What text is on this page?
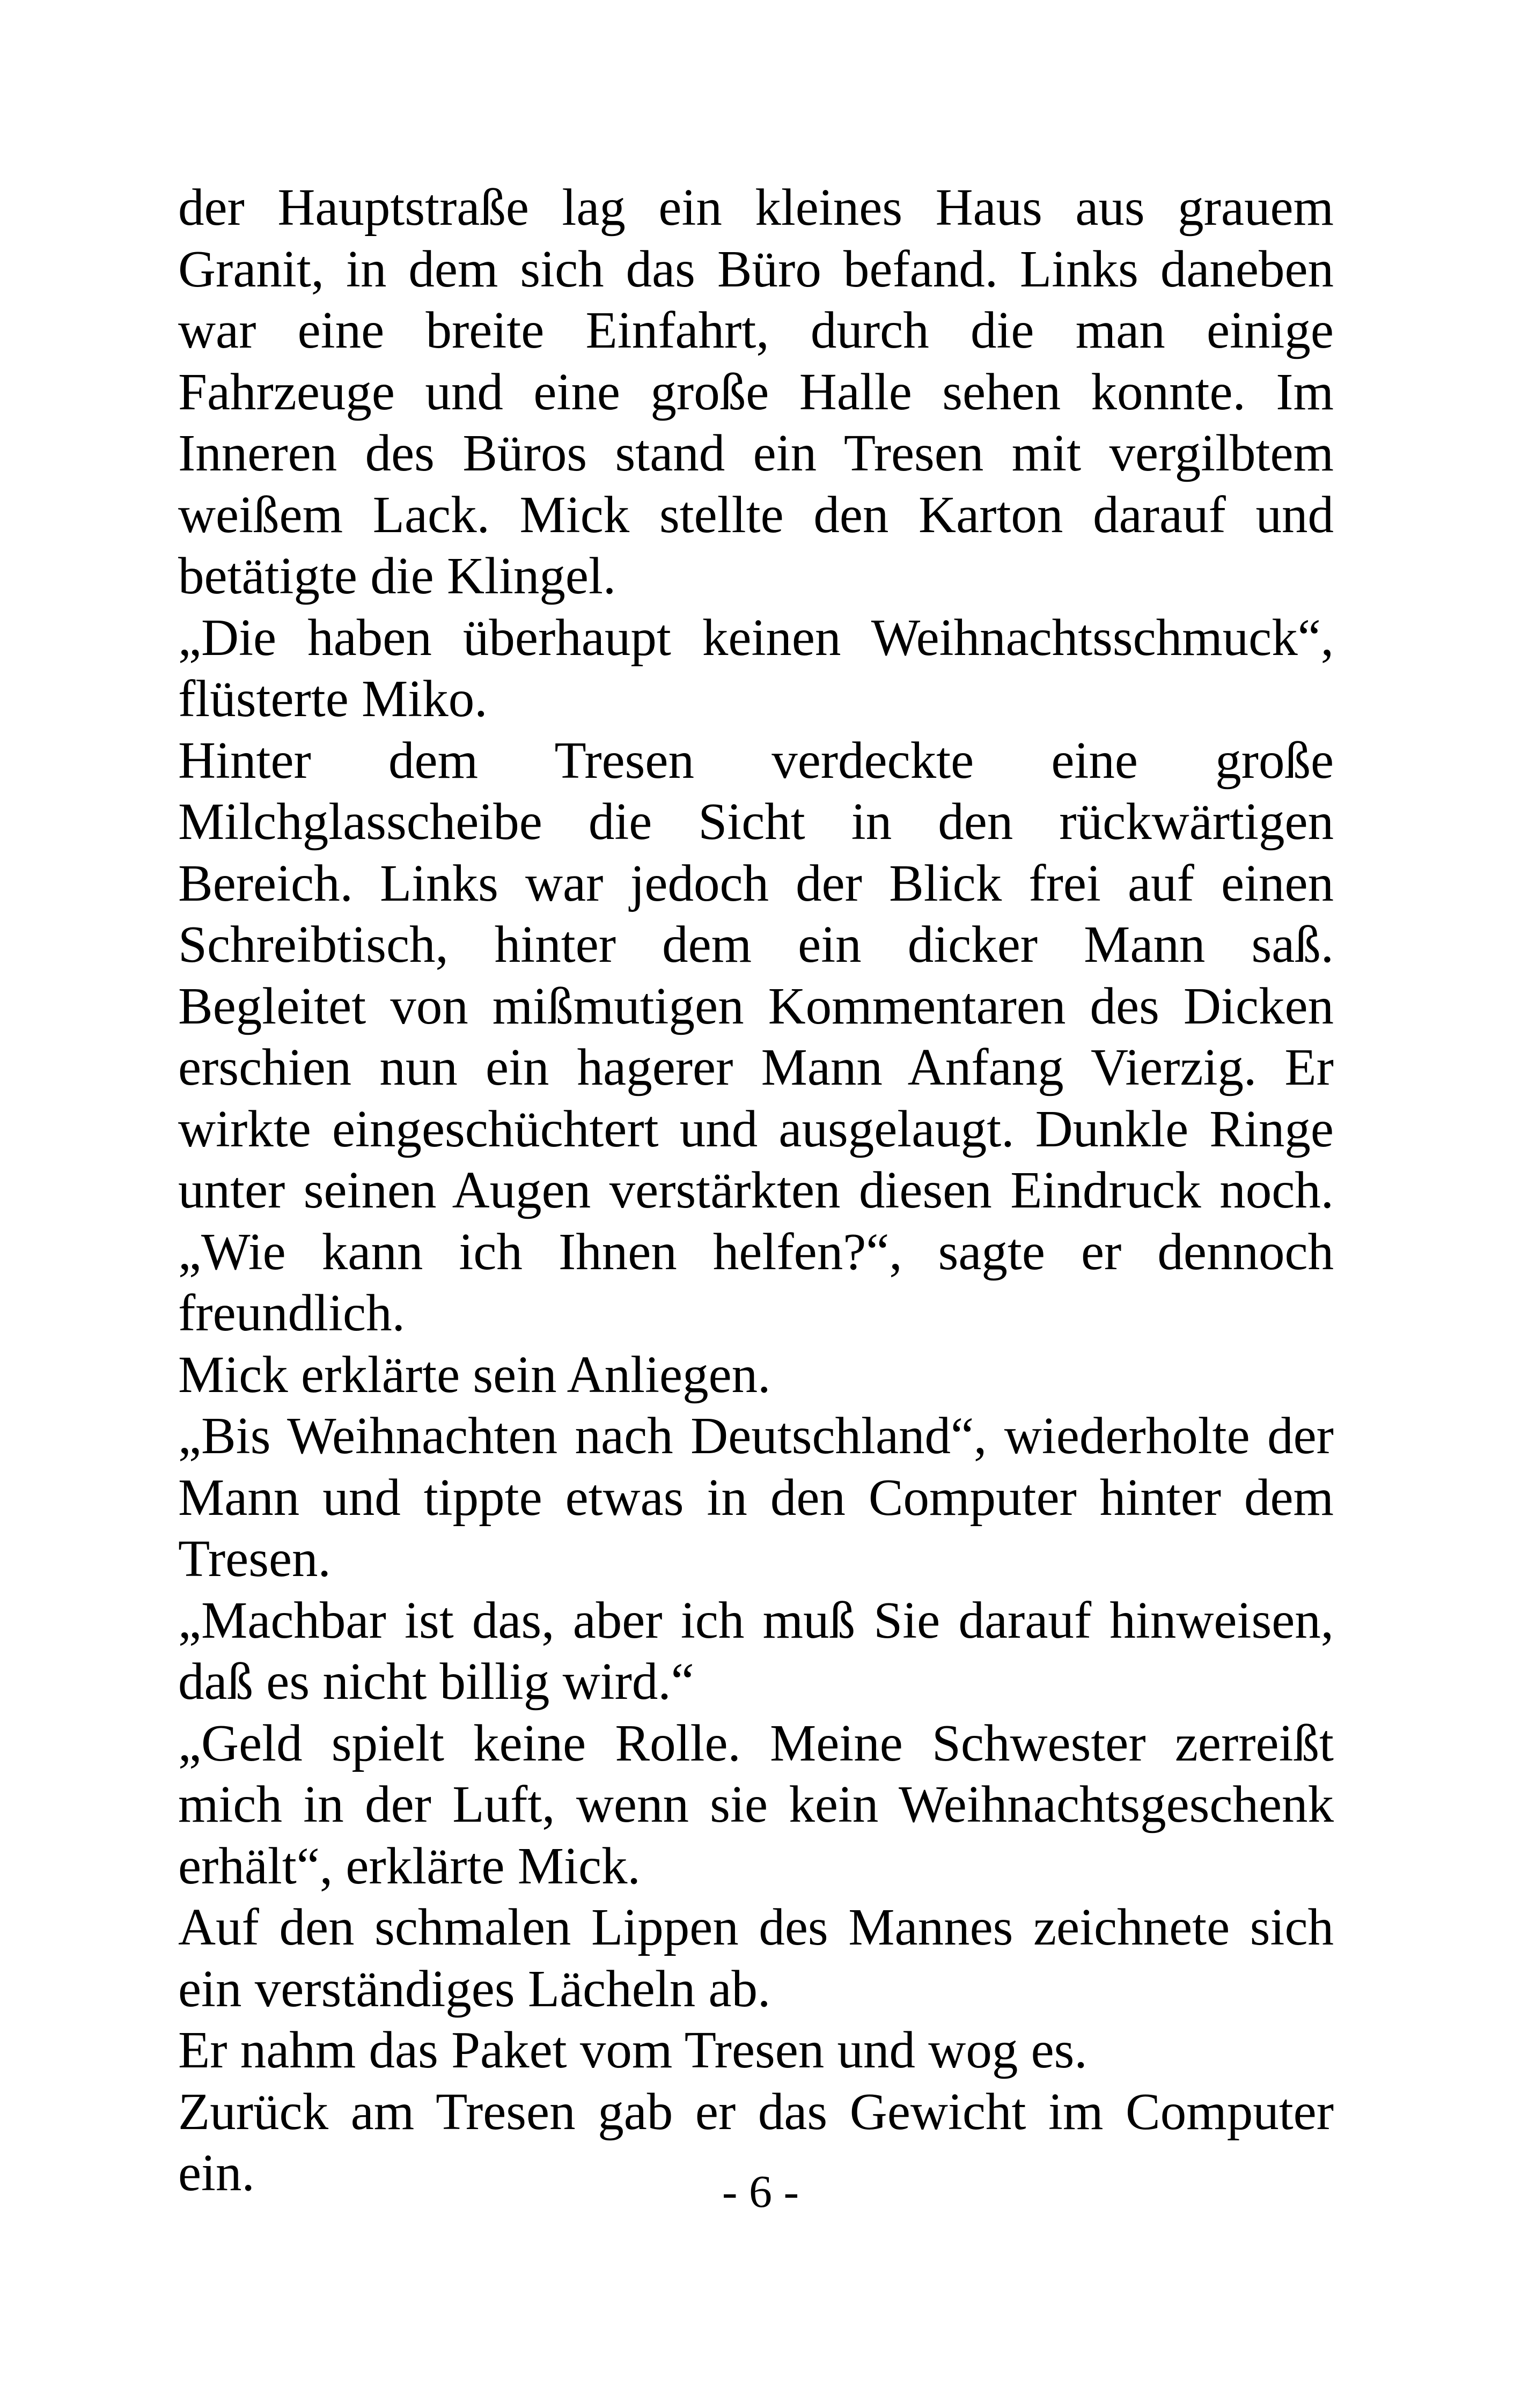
der Hauptstraße lag ein kleines Haus aus grauem
Granit, in dem sich das Büro befand. Links daneben
war eine breite Einfahrt, durch die man einige
Fahrzeuge und eine große Halle sehen konnte. Im
Inneren des Büros stand ein Tresen mit vergilbtem
weißem Lack. Mick stellte den Karton darauf und
betätigte die Klingel.
„Die haben überhaupt keinen Weihnachtsschmuck“,
flüsterte Miko.
Hinter dem Tresen verdeckte eine große
Milchglasscheibe die Sicht in den rückwärtigen
Bereich. Links war jedoch der Blick frei auf einen
Schreibtisch, hinter dem ein dicker Mann saß.
Begleitet von mißmutigen Kommentaren des Dicken
erschien nun ein hagerer Mann Anfang Vierzig. Er
wirkte eingeschüchtert und ausgelaugt. Dunkle Ringe
unter seinen Augen verstärkten diesen Eindruck noch.
„Wie kann ich Ihnen helfen?“, sagte er dennoch
freundlich.
Mick erklärte sein Anliegen.
„Bis Weihnachten nach Deutschland“, wiederholte der
Mann und tippte etwas in den Computer hinter dem
Tresen.
„Machbar ist das, aber ich muß Sie darauf hinweisen,
daß es nicht billig wird.“
„Geld spielt keine Rolle. Meine Schwester zerreißt
mich in der Luft, wenn sie kein Weihnachtsgeschenk
erhält“, erklärte Mick.
Auf den schmalen Lippen des Mannes zeichnete sich
ein verständiges Lächeln ab.
Er nahm das Paket vom Tresen und wog es.
Zurück am Tresen gab er das Gewicht im Computer
ein.	- 6 -
